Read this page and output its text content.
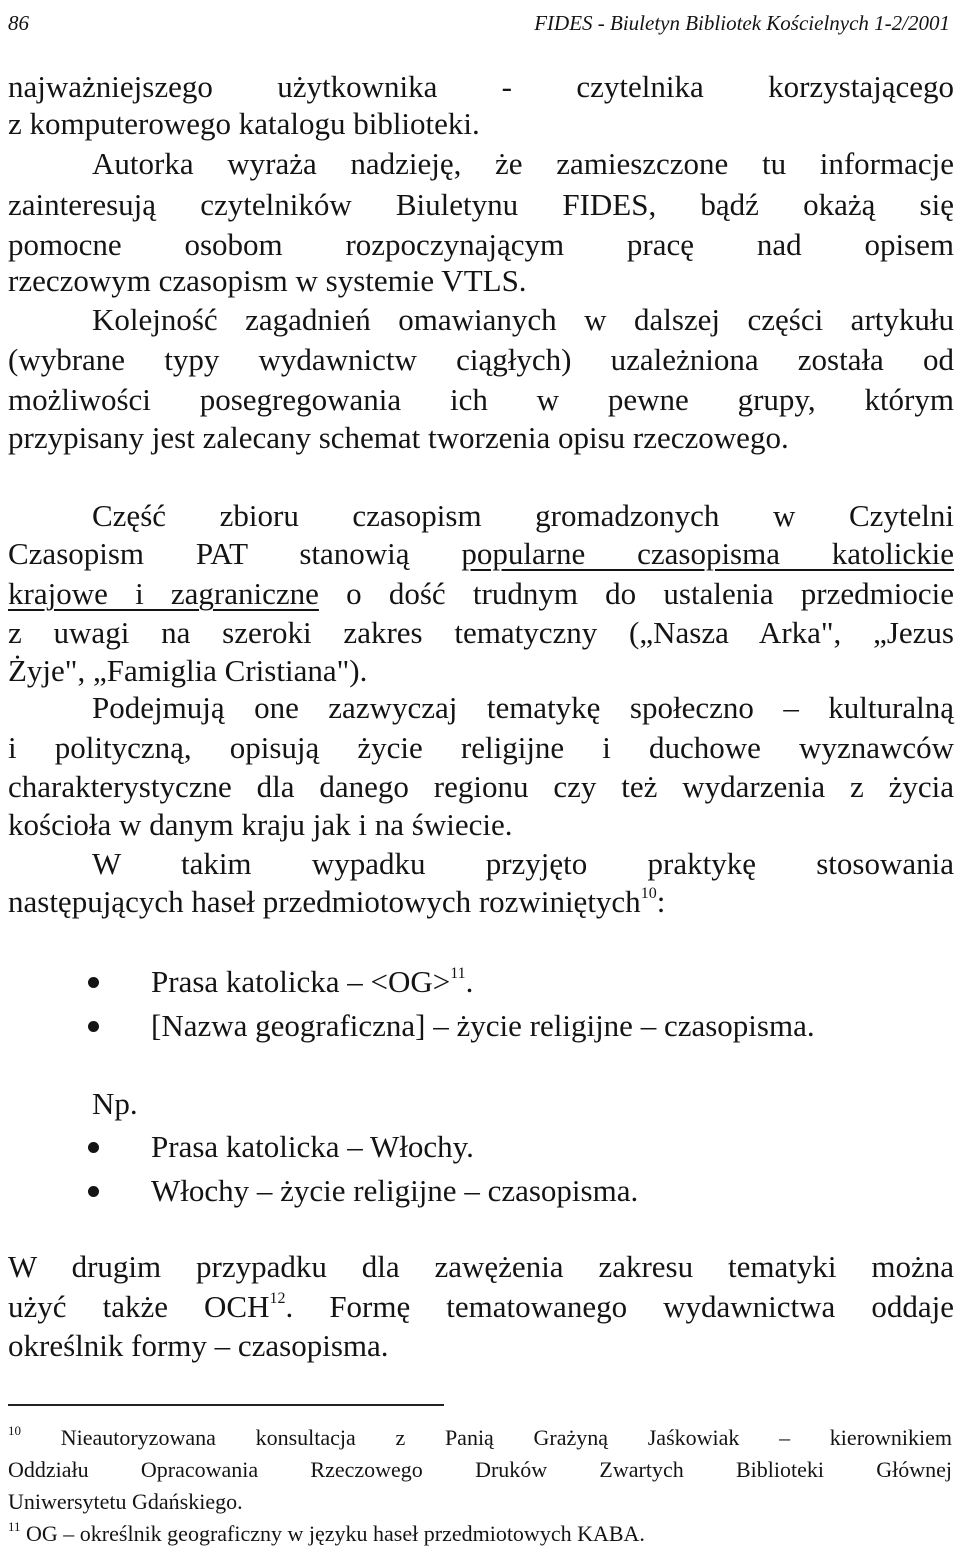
86	FIDES - Biuletyn Bibliotek Kościelnych 1-2/2001
najważniejszego użytkownika - czytelnika korzystającego
z komputerowego katalogu biblioteki.
Autorka wyraża nadzieję, że zamieszczone tu informacje
zainteresują czytelników Biuletynu FIDES, bądź okażą się
pomocne osobom rozpoczynającym pracę nad opisem
rzeczowym czasopism w systemie VTLS.
Kolejność zagadnień omawianych w dalszej części artykułu
(wybrane typy wydawnictw ciągłych) uzależniona została od
możliwości posegregowania ich w pewne grupy, którym
przypisany jest zalecany schemat tworzenia opisu rzeczowego.
Część zbioru czasopism gromadzonych w Czytelni
Czasopism PAT stanowią popularne czasopisma katolickie
krajowe i zagraniczne o dość trudnym do ustalenia przedmiocie
z uwagi na szeroki zakres tematyczny („Nasza Arka", „Jezus
Żyje", „Famiglia Cristiana").
Podejmują one zazwyczaj tematykę społeczno – kulturalną
i polityczną, opisują życie religijne i duchowe wyznawców
charakterystyczne dla danego regionu czy też wydarzenia z życia
kościoła w danym kraju jak i na świecie.
W takim wypadku przyjęto praktykę stosowania
następujących haseł przedmiotowych rozwiniętych$^{10}$:
Prasa katolicka – <OG>$^{11}$.
[Nazwa geograficzna] – życie religijne – czasopisma.
Np.
Prasa katolicka – Włochy.
Włochy – życie religijne – czasopisma.
W drugim przypadku dla zawężenia zakresu tematyki można
użyć także OCH$^{12}$. Formę tematowanego wydawnictwa oddaje
określnik formy – czasopisma.
$^{10}$ Nieautoryzowana konsultacja z Panią Grażyną Jaśkowiak – kierownikiem
Oddziału Opracowania Rzeczowego Druków Zwartych Biblioteki Głównej
Uniwersytetu Gdańskiego.
$^{11}$ OG – określnik geograficzny w języku haseł przedmiotowych KABA.
